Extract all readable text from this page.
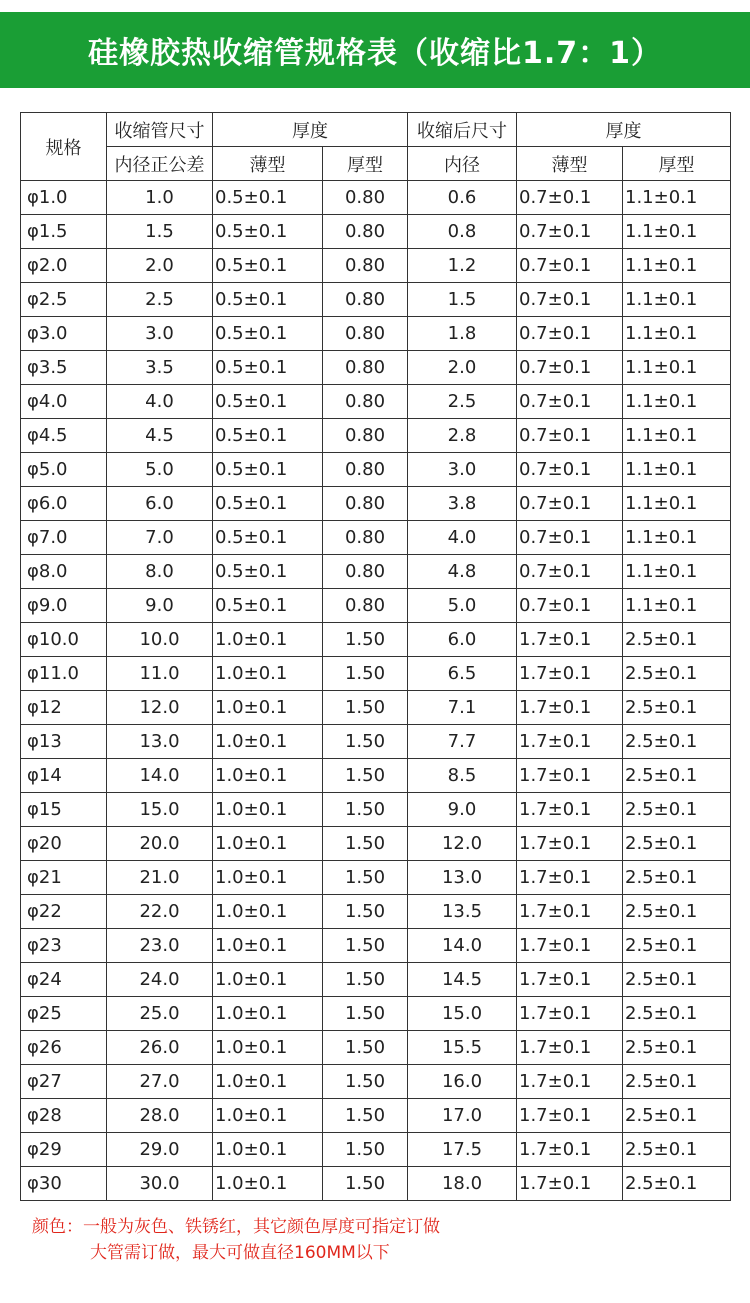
硅橡胶热收缩管规格表（收缩比1.7：1）
规格	收缩管尺寸	厚度		收缩后尺寸	厚度	
	内径正公差	薄型	厚型	内径	薄型	厚型
φ1.0	1.0	0.5±0.1	0.80	0.6	0.7±0.1	1.1±0.1
φ1.5	1.5	0.5±0.1	0.80	0.8	0.7±0.1	1.1±0.1
φ2.0	2.0	0.5±0.1	0.80	1.2	0.7±0.1	1.1±0.1
φ2.5	2.5	0.5±0.1	0.80	1.5	0.7±0.1	1.1±0.1
φ3.0	3.0	0.5±0.1	0.80	1.8	0.7±0.1	1.1±0.1
φ3.5	3.5	0.5±0.1	0.80	2.0	0.7±0.1	1.1±0.1
φ4.0	4.0	0.5±0.1	0.80	2.5	0.7±0.1	1.1±0.1
φ4.5	4.5	0.5±0.1	0.80	2.8	0.7±0.1	1.1±0.1
φ5.0	5.0	0.5±0.1	0.80	3.0	0.7±0.1	1.1±0.1
φ6.0	6.0	0.5±0.1	0.80	3.8	0.7±0.1	1.1±0.1
φ7.0	7.0	0.5±0.1	0.80	4.0	0.7±0.1	1.1±0.1
φ8.0	8.0	0.5±0.1	0.80	4.8	0.7±0.1	1.1±0.1
φ9.0	9.0	0.5±0.1	0.80	5.0	0.7±0.1	1.1±0.1
φ10.0	10.0	1.0±0.1	1.50	6.0	1.7±0.1	2.5±0.1
φ11.0	11.0	1.0±0.1	1.50	6.5	1.7±0.1	2.5±0.1
φ12	12.0	1.0±0.1	1.50	7.1	1.7±0.1	2.5±0.1
φ13	13.0	1.0±0.1	1.50	7.7	1.7±0.1	2.5±0.1
φ14	14.0	1.0±0.1	1.50	8.5	1.7±0.1	2.5±0.1
φ15	15.0	1.0±0.1	1.50	9.0	1.7±0.1	2.5±0.1
φ20	20.0	1.0±0.1	1.50	12.0	1.7±0.1	2.5±0.1
φ21	21.0	1.0±0.1	1.50	13.0	1.7±0.1	2.5±0.1
φ22	22.0	1.0±0.1	1.50	13.5	1.7±0.1	2.5±0.1
φ23	23.0	1.0±0.1	1.50	14.0	1.7±0.1	2.5±0.1
φ24	24.0	1.0±0.1	1.50	14.5	1.7±0.1	2.5±0.1
φ25	25.0	1.0±0.1	1.50	15.0	1.7±0.1	2.5±0.1
φ26	26.0	1.0±0.1	1.50	15.5	1.7±0.1	2.5±0.1
φ27	27.0	1.0±0.1	1.50	16.0	1.7±0.1	2.5±0.1
φ28	28.0	1.0±0.1	1.50	17.0	1.7±0.1	2.5±0.1
φ29	29.0	1.0±0.1	1.50	17.5	1.7±0.1	2.5±0.1
φ30	30.0	1.0±0.1	1.50	18.0	1.7±0.1	2.5±0.1
颜色：一般为灰色、铁锈红，其它颜色厚度可指定订做
大管需订做，最大可做直径160MM以下
